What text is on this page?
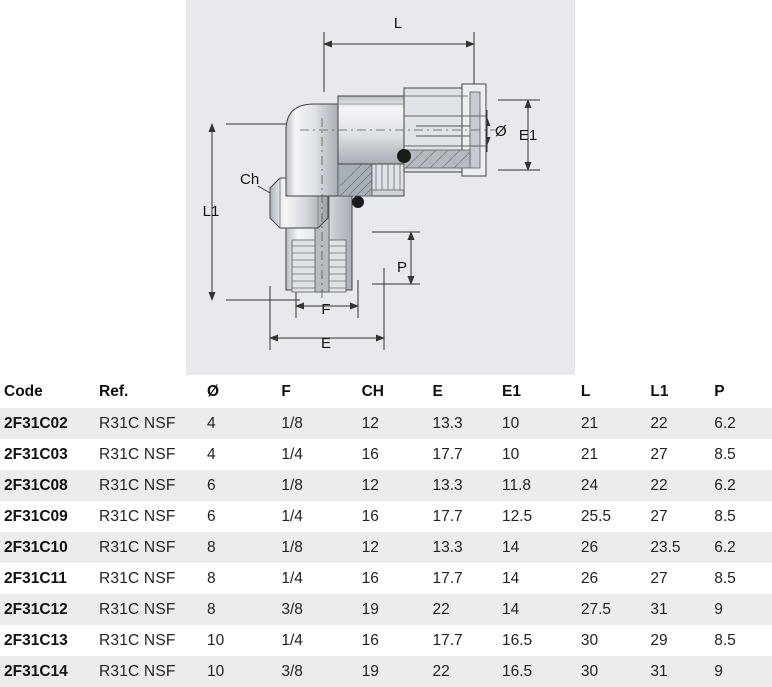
L
L1
F
E
P
E1
Ø
Ch
Code	Ref.	Ø	F	CH	E	E1	L	L1	P
2F31C02	R31C NSF	4	1/8	12	13.3	10	21	22	6.2
2F31C03	R31C NSF	4	1/4	16	17.7	10	21	27	8.5
2F31C08	R31C NSF	6	1/8	12	13.3	11.8	24	22	6.2
2F31C09	R31C NSF	6	1/4	16	17.7	12.5	25.5	27	8.5
2F31C10	R31C NSF	8	1/8	12	13.3	14	26	23.5	6.2
2F31C11	R31C NSF	8	1/4	16	17.7	14	26	27	8.5
2F31C12	R31C NSF	8	3/8	19	22	14	27.5	31	9
2F31C13	R31C NSF	10	1/4	16	17.7	16.5	30	29	8.5
2F31C14	R31C NSF	10	3/8	19	22	16.5	30	31	9
